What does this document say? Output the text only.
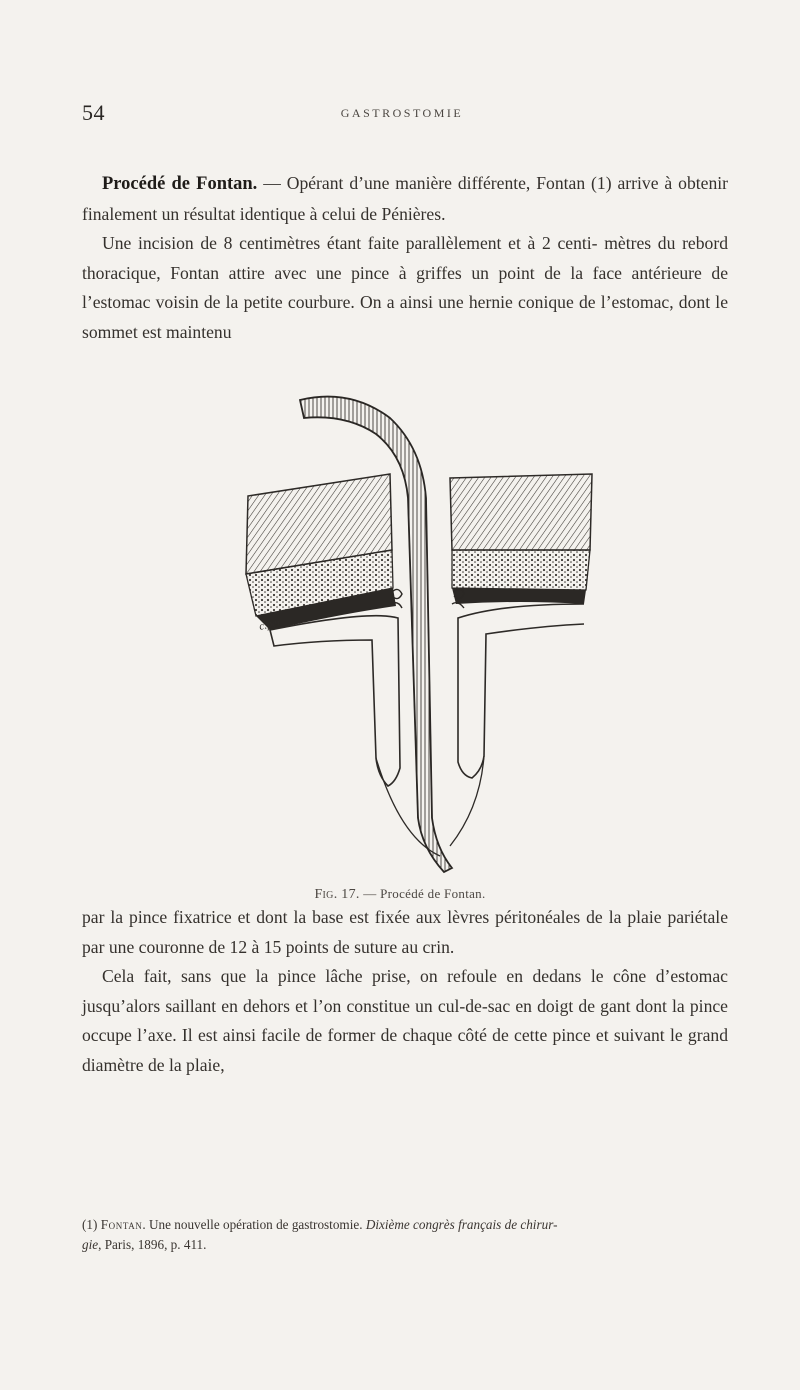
54	GASTROSTOMIE

Procédé de Fontan. — Opérant d’une manière différente, Fontan (1) arrive à obtenir finalement un résultat identique à celui de Pénières.
Une incision de 8 centimètres étant faite parallèlement et à 2 centi- mètres du rebord thoracique, Fontan attire avec une pince à griffes un point de la face antérieure de l’estomac voisin de la petite courbure. On a ainsi une hernie conique de l’estomac, dont le sommet est maintenu

c.pér
Fig. 17. — Procédé de Fontan.

par la pince fixatrice et dont la base est fixée aux lèvres péritonéales de la plaie pariétale par une couronne de 12 à 15 points de suture au crin.
Cela fait, sans que la pince lâche prise, on refoule en dedans le cône d’estomac jusqu’alors saillant en dehors et l’on constitue un cul-de-sac en doigt de gant dont la pince occupe l’axe. Il est ainsi facile de former de chaque côté de cette pince et suivant le grand diamètre de la plaie,

(1) Fontan. Une nouvelle opération de gastrostomie. Dixième congrès français de chirur-
gie, Paris, 1896, p. 411.
